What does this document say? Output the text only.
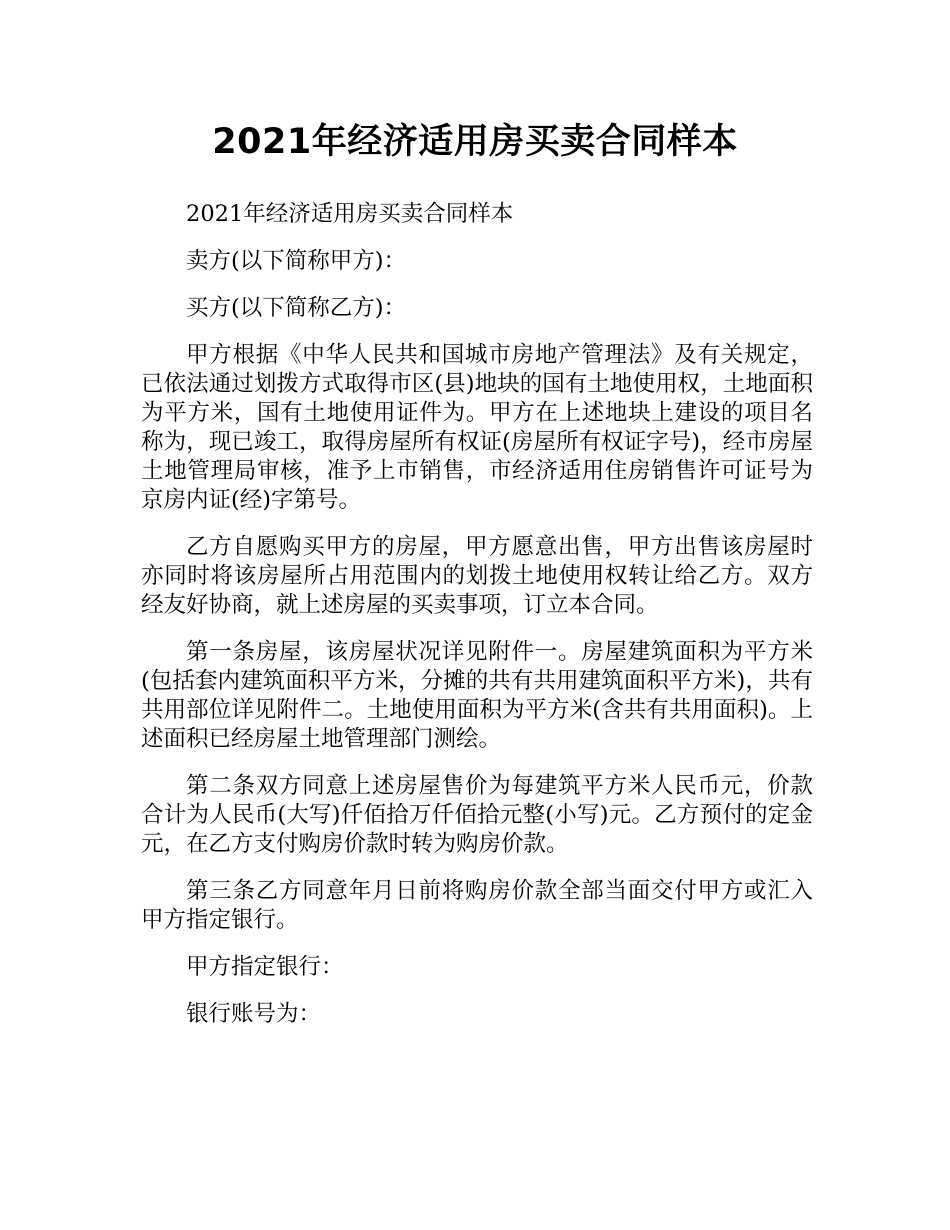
2021年经济适用房买卖合同样本

2021年经济适用房买卖合同样本

卖方(以下简称甲方)：

买方(以下简称乙方)：

甲方根据《中华人民共和国城市房地产管理法》及有关规定，已依法通过划拨方式取得市区(县)地块的国有土地使用权，土地面积为平方米，国有土地使用证件为。甲方在上述地块上建设的项目名称为，现已竣工，取得房屋所有权证(房屋所有权证字号)，经市房屋土地管理局审核，准予上市销售，市经济适用住房销售许可证号为京房内证(经)字第号。

乙方自愿购买甲方的房屋，甲方愿意出售，甲方出售该房屋时亦同时将该房屋所占用范围内的划拨土地使用权转让给乙方。双方经友好协商，就上述房屋的买卖事项，订立本合同。

第一条房屋，该房屋状况详见附件一。房屋建筑面积为平方米(包括套内建筑面积平方米，分摊的共有共用建筑面积平方米)，共有共用部位详见附件二。土地使用面积为平方米(含共有共用面积)。上述面积已经房屋土地管理部门测绘。

第二条双方同意上述房屋售价为每建筑平方米人民币元，价款合计为人民币(大写)仟佰拾万仟佰拾元整(小写)元。乙方预付的定金元，在乙方支付购房价款时转为购房价款。

第三条乙方同意年月日前将购房价款全部当面交付甲方或汇入甲方指定银行。

甲方指定银行：

银行账号为：
